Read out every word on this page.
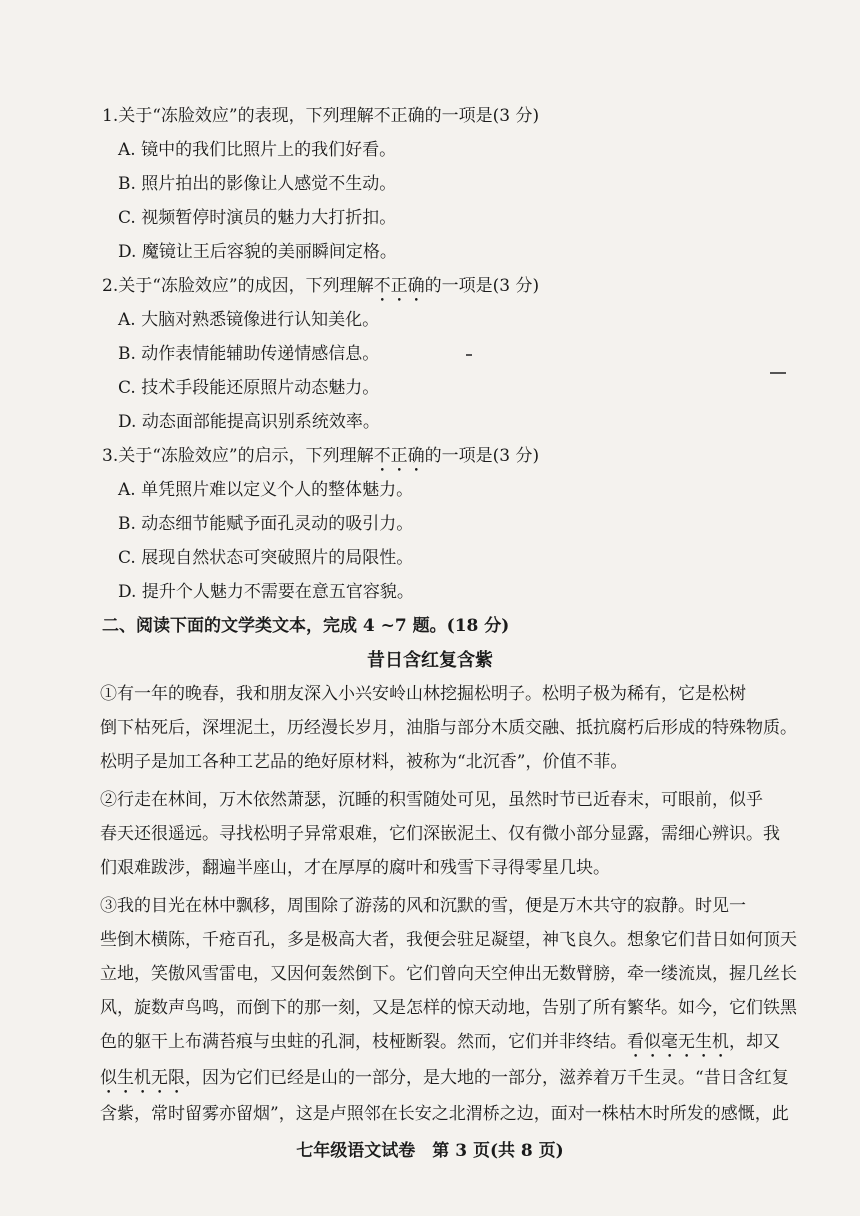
1.关于“冻脸效应”的表现，下列理解不正确的一项是(3 分)
A. 镜中的我们比照片上的我们好看。
B. 照片拍出的影像让人感觉不生动。
C. 视频暂停时演员的魅力大打折扣。
D. 魔镜让王后容貌的美丽瞬间定格。
2.关于“冻脸效应”的成因，下列理解不正确的一项是(3 分)
A. 大脑对熟悉镜像进行认知美化。
B. 动作表情能辅助传递情感信息。
C. 技术手段能还原照片动态魅力。
D. 动态面部能提高识别系统效率。
3.关于“冻脸效应”的启示，下列理解不正确的一项是(3 分)
A. 单凭照片难以定义个人的整体魅力。
B. 动态细节能赋予面孔灵动的吸引力。
C. 展现自然状态可突破照片的局限性。
D. 提升个人魅力不需要在意五官容貌。
二、阅读下面的文学类文本，完成 4 ~7 题。(18 分)
昔日含红复含紫
①有一年的晚春，我和朋友深入小兴安岭山林挖掘松明子。松明子极为稀有，它是松树
倒下枯死后，深埋泥土，历经漫长岁月，油脂与部分木质交融、抵抗腐朽后形成的特殊物质。
松明子是加工各种工艺品的绝好原材料，被称为“北沉香”，价值不菲。
②行走在林间，万木依然萧瑟，沉睡的积雪随处可见，虽然时节已近春末，可眼前，似乎
春天还很遥远。寻找松明子异常艰难，它们深嵌泥土、仅有微小部分显露，需细心辨识。我
们艰难跋涉，翻遍半座山，才在厚厚的腐叶和残雪下寻得零星几块。
③我的目光在林中飘移，周围除了游荡的风和沉默的雪，便是万木共守的寂静。时见一
些倒木横陈，千疮百孔，多是极高大者，我便会驻足凝望，神飞良久。想象它们昔日如何顶天
立地，笑傲风雪雷电，又因何轰然倒下。它们曾向天空伸出无数臂膀，牵一缕流岚，握几丝长
风，旋数声鸟鸣，而倒下的那一刻，又是怎样的惊天动地，告别了所有繁华。如今，它们铁黑
色的躯干上布满苔痕与虫蛀的孔洞，枝桠断裂。然而，它们并非终结。看似毫无生机，却又
似生机无限，因为它们已经是山的一部分，是大地的一部分，滋养着万千生灵。“昔日含红复
含紫，常时留雾亦留烟”，这是卢照邻在长安之北渭桥之边，面对一株枯木时所发的感慨，此
七年级语文试卷　第 3 页(共 8 页)
